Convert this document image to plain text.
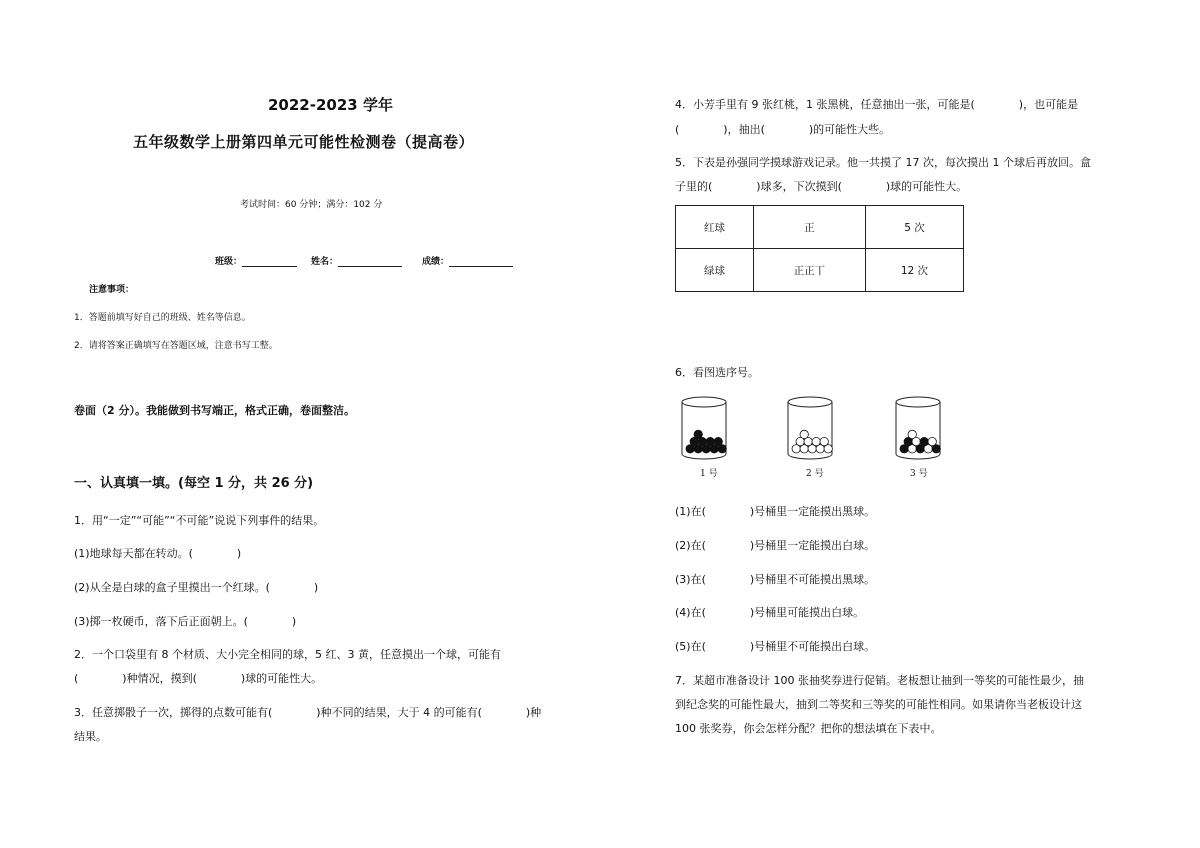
2022-2023 学年
五年级数学上册第四单元可能性检测卷（提高卷）
考试时间：60 分钟；满分：102 分
班级：	姓名：	成绩：
注意事项：
1．答题前填写好自己的班级、姓名等信息。
2．请将答案正确填写在答题区域，注意书写工整。
卷面（2 分）。我能做到书写端正，格式正确，卷面整洁。
一、认真填一填。(每空 1 分，共 26 分)
1．用“一定”“可能”“不可能”说说下列事件的结果。
(1)地球每天都在转动。(　　　　)
(2)从全是白球的盒子里摸出一个红球。(　　　　)
(3)掷一枚硬币，落下后正面朝上。(　　　　)
2．一个口袋里有 8 个材质、大小完全相同的球，5 红、3 黄，任意摸出一个球，可能有
(　　　　)种情况，摸到(　　　　)球的可能性大。
3．任意掷骰子一次，掷得的点数可能有(　　　　)种不同的结果，大于 4 的可能有(　　　　)种
结果。
4．小芳手里有 9 张红桃，1 张黑桃，任意抽出一张，可能是(　　　　)，也可能是
(　　　　)，抽出(　　　　)的可能性大些。
5．下表是孙强同学摸球游戏记录。他一共摸了 17 次，每次摸出 1 个球后再放回。盒
子里的(　　　　)球多，下次摸到(　　　　)球的可能性大。
红球	正	5 次
绿球	正正丅	12 次
6．看图选序号。
1 号	2 号	3 号
(1)在(　　　　)号桶里一定能摸出黑球。
(2)在(　　　　)号桶里一定能摸出白球。
(3)在(　　　　)号桶里不可能摸出黑球。
(4)在(　　　　)号桶里可能摸出白球。
(5)在(　　　　)号桶里不可能摸出白球。
7．某超市准备设计 100 张抽奖券进行促销。老板想让抽到一等奖的可能性最少，抽
到纪念奖的可能性最大，抽到二等奖和三等奖的可能性相同。如果请你当老板设计这
100 张奖券，你会怎样分配？把你的想法填在下表中。
